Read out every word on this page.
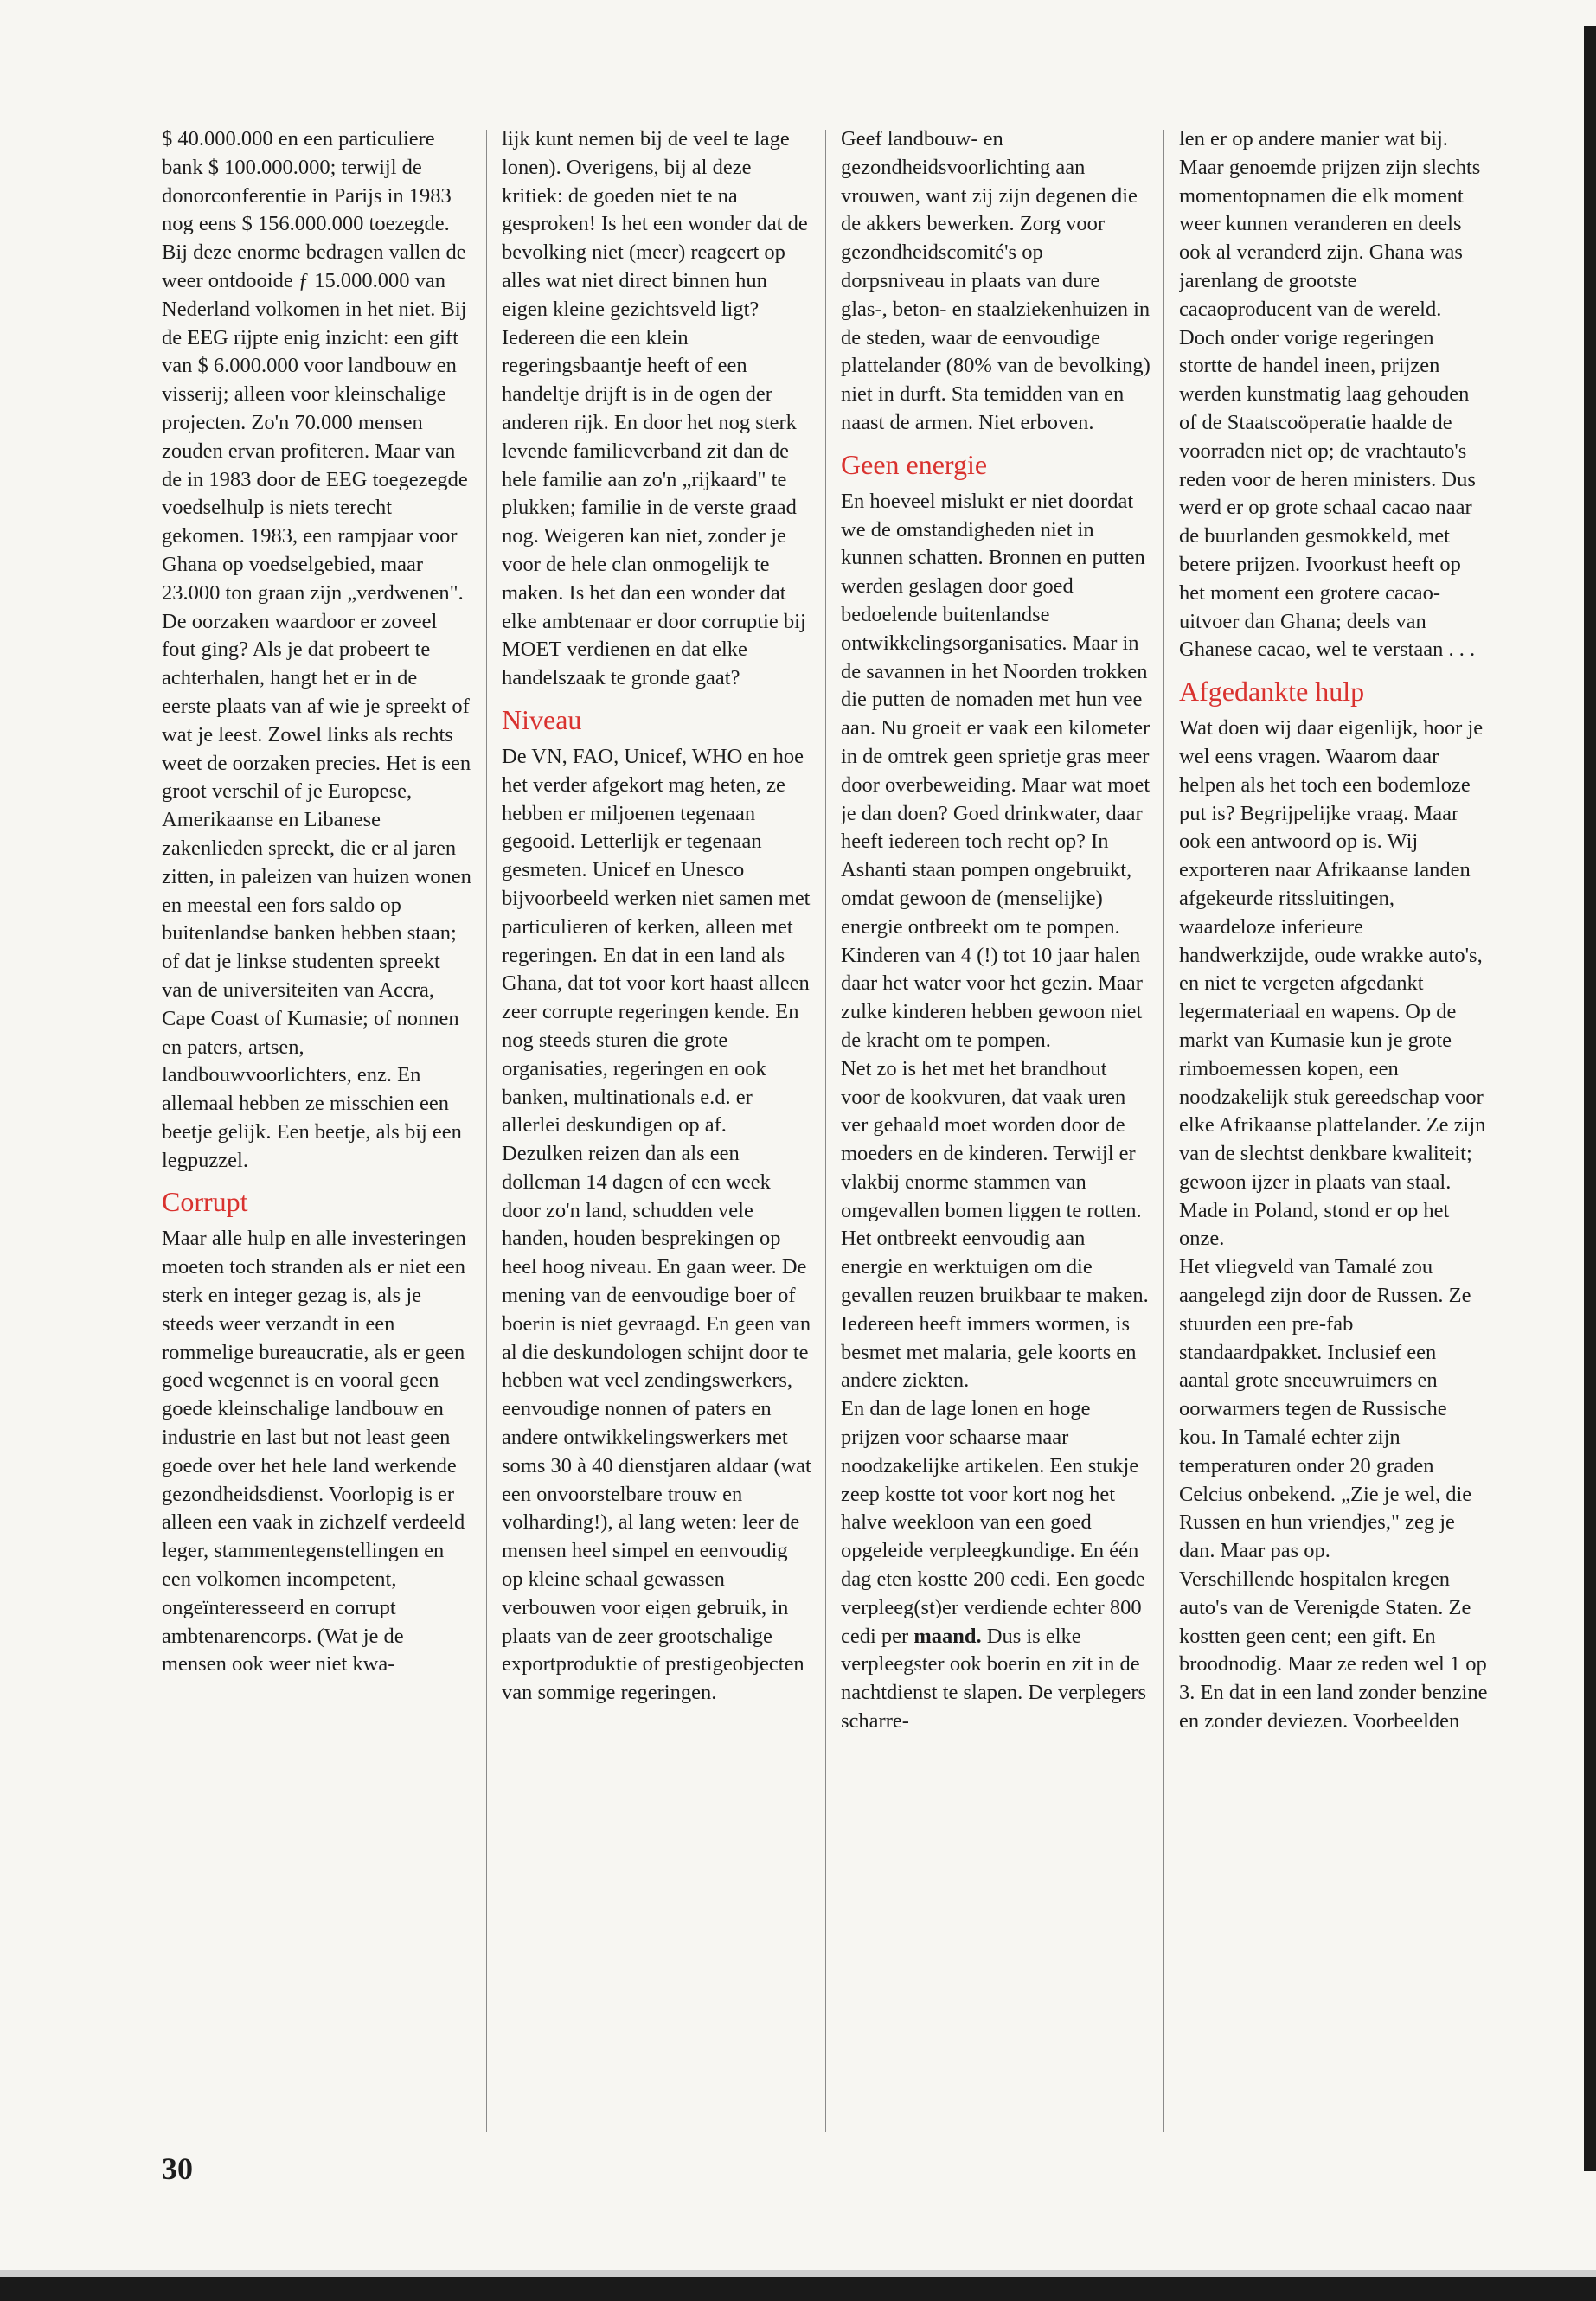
$ 40.000.000 en een particuliere bank $ 100.000.000; terwijl de donorconferentie in Parijs in 1983 nog eens $ 156.000.000 toezegde. Bij deze enorme bedragen vallen de weer ontdooide ƒ 15.000.000 van Nederland volkomen in het niet. Bij de EEG rijpte enig inzicht: een gift van $ 6.000.000 voor landbouw en visserij; alleen voor kleinschalige projecten. Zo'n 70.000 mensen zouden ervan profiteren. Maar van de in 1983 door de EEG toegezegde voedselhulp is niets terecht gekomen. 1983, een rampjaar voor Ghana op voedselgebied, maar 23.000 ton graan zijn „verdwenen". De oorzaken waardoor er zoveel fout ging? Als je dat probeert te achterhalen, hangt het er in de eerste plaats van af wie je spreekt of wat je leest. Zowel links als rechts weet de oorzaken precies. Het is een groot verschil of je Europese, Amerikaanse en Libanese zakenlieden spreekt, die er al jaren zitten, in paleizen van huizen wonen en meestal een fors saldo op buitenlandse banken hebben staan; of dat je linkse studenten spreekt van de universiteiten van Accra, Cape Coast of Kumasie; of nonnen en paters, artsen, landbouwvoorlichters, enz. En allemaal hebben ze misschien een beetje gelijk. Een beetje, als bij een legpuzzel.

Corrupt

Maar alle hulp en alle investeringen moeten toch stranden als er niet een sterk en integer gezag is, als je steeds weer verzandt in een rommelige bureaucratie, als er geen goed wegennet is en vooral geen goede kleinschalige landbouw en industrie en last but not least geen goede over het hele land werkende gezondheidsdienst. Voorlopig is er alleen een vaak in zichzelf verdeeld leger, stammentegenstellingen en een volkomen incompetent, ongeïnteresseerd en corrupt ambtenarencorps. (Wat je de mensen ook weer niet kwa-

lijk kunt nemen bij de veel te lage lonen). Overigens, bij al deze kritiek: de goeden niet te na gesproken! Is het een wonder dat de bevolking niet (meer) reageert op alles wat niet direct binnen hun eigen kleine gezichtsveld ligt?

Iedereen die een klein regeringsbaantje heeft of een handeltje drijft is in de ogen der anderen rijk. En door het nog sterk levende familieverband zit dan de hele familie aan zo'n „rijkaard" te plukken; familie in de verste graad nog. Weigeren kan niet, zonder je voor de hele clan onmogelijk te maken. Is het dan een wonder dat elke ambtenaar er door corruptie bij MOET verdienen en dat elke handelszaak te gronde gaat?

Niveau

De VN, FAO, Unicef, WHO en hoe het verder afgekort mag heten, ze hebben er miljoenen tegenaan gegooid. Letterlijk er tegenaan gesmeten. Unicef en Unesco bijvoorbeeld werken niet samen met particulieren of kerken, alleen met regeringen. En dat in een land als Ghana, dat tot voor kort haast alleen zeer corrupte regeringen kende. En nog steeds sturen die grote organisaties, regeringen en ook banken, multinationals e.d. er allerlei deskundigen op af. Dezulken reizen dan als een dolleman 14 dagen of een week door zo'n land, schudden vele handen, houden besprekingen op heel hoog niveau. En gaan weer. De mening van de eenvoudige boer of boerin is niet gevraagd. En geen van al die deskundologen schijnt door te hebben wat veel zendingswerkers, eenvoudige nonnen of paters en andere ontwikkelingswerkers met soms 30 à 40 dienstjaren aldaar (wat een onvoorstelbare trouw en volharding!), al lang weten: leer de mensen heel simpel en eenvoudig op kleine schaal gewassen verbouwen voor eigen gebruik, in plaats van de zeer grootschalige exportproduktie of prestigeobjecten van sommige regeringen.

Geef landbouw- en gezondheidsvoorlichting aan vrouwen, want zij zijn degenen die de akkers bewerken. Zorg voor gezondheidscomité's op dorpsniveau in plaats van dure glas-, beton- en staalziekenhuizen in de steden, waar de eenvoudige plattelander (80% van de bevolking) niet in durft. Sta temidden van en naast de armen. Niet erboven.

Geen energie

En hoeveel mislukt er niet doordat we de omstandigheden niet in kunnen schatten. Bronnen en putten werden geslagen door goed bedoelende buitenlandse ontwikkelingsorganisaties. Maar in de savannen in het Noorden trokken die putten de nomaden met hun vee aan. Nu groeit er vaak een kilometer in de omtrek geen sprietje gras meer door overbeweiding. Maar wat moet je dan doen? Goed drinkwater, daar heeft iedereen toch recht op? In Ashanti staan pompen ongebruikt, omdat gewoon de (menselijke) energie ontbreekt om te pompen. Kinderen van 4 (!) tot 10 jaar halen daar het water voor het gezin. Maar zulke kinderen hebben gewoon niet de kracht om te pompen.

Net zo is het met het brandhout voor de kookvuren, dat vaak uren ver gehaald moet worden door de moeders en de kinderen. Terwijl er vlakbij enorme stammen van omgevallen bomen liggen te rotten. Het ontbreekt eenvoudig aan energie en werktuigen om die gevallen reuzen bruikbaar te maken. Iedereen heeft immers wormen, is besmet met malaria, gele koorts en andere ziekten.

En dan de lage lonen en hoge prijzen voor schaarse maar noodzakelijke artikelen. Een stukje zeep kostte tot voor kort nog het halve weekloon van een goed opgeleide verpleegkundige. En één dag eten kostte 200 cedi. Een goede verpleeg(st)er verdiende echter 800 cedi per maand. Dus is elke verpleegster ook boerin en zit in de nachtdienst te slapen. De verplegers scharre-

len er op andere manier wat bij. Maar genoemde prijzen zijn slechts momentopnamen die elk moment weer kunnen veranderen en deels ook al veranderd zijn. Ghana was jarenlang de grootste cacaoproducent van de wereld. Doch onder vorige regeringen stortte de handel ineen, prijzen werden kunstmatig laag gehouden of de Staatscoöperatie haalde de voorraden niet op; de vrachtauto's reden voor de heren ministers. Dus werd er op grote schaal cacao naar de buurlanden gesmokkeld, met betere prijzen. Ivoorkust heeft op het moment een grotere cacao-uitvoer dan Ghana; deels van Ghanese cacao, wel te verstaan . . .

Afgedankte hulp

Wat doen wij daar eigenlijk, hoor je wel eens vragen. Waarom daar helpen als het toch een bodemloze put is? Begrijpelijke vraag. Maar ook een antwoord op is. Wij exporteren naar Afrikaanse landen afgekeurde ritssluitingen, waardeloze inferieure handwerkzijde, oude wrakke auto's, en niet te vergeten afgedankt legermateriaal en wapens. Op de markt van Kumasie kun je grote rimboemessen kopen, een noodzakelijk stuk gereedschap voor elke Afrikaanse plattelander. Ze zijn van de slechtst denkbare kwaliteit; gewoon ijzer in plaats van staal. Made in Poland, stond er op het onze.

Het vliegveld van Tamalé zou aangelegd zijn door de Russen. Ze stuurden een pre-fab standaardpakket. Inclusief een aantal grote sneeuwruimers en oorwarmers tegen de Russische kou. In Tamalé echter zijn temperaturen onder 20 graden Celcius onbekend. „Zie je wel, die Russen en hun vriendjes," zeg je dan. Maar pas op.

Verschillende hospitalen kregen auto's van de Verenigde Staten. Ze kostten geen cent; een gift. En broodnodig. Maar ze reden wel 1 op 3. En dat in een land zonder benzine en zonder deviezen. Voorbeelden

30
